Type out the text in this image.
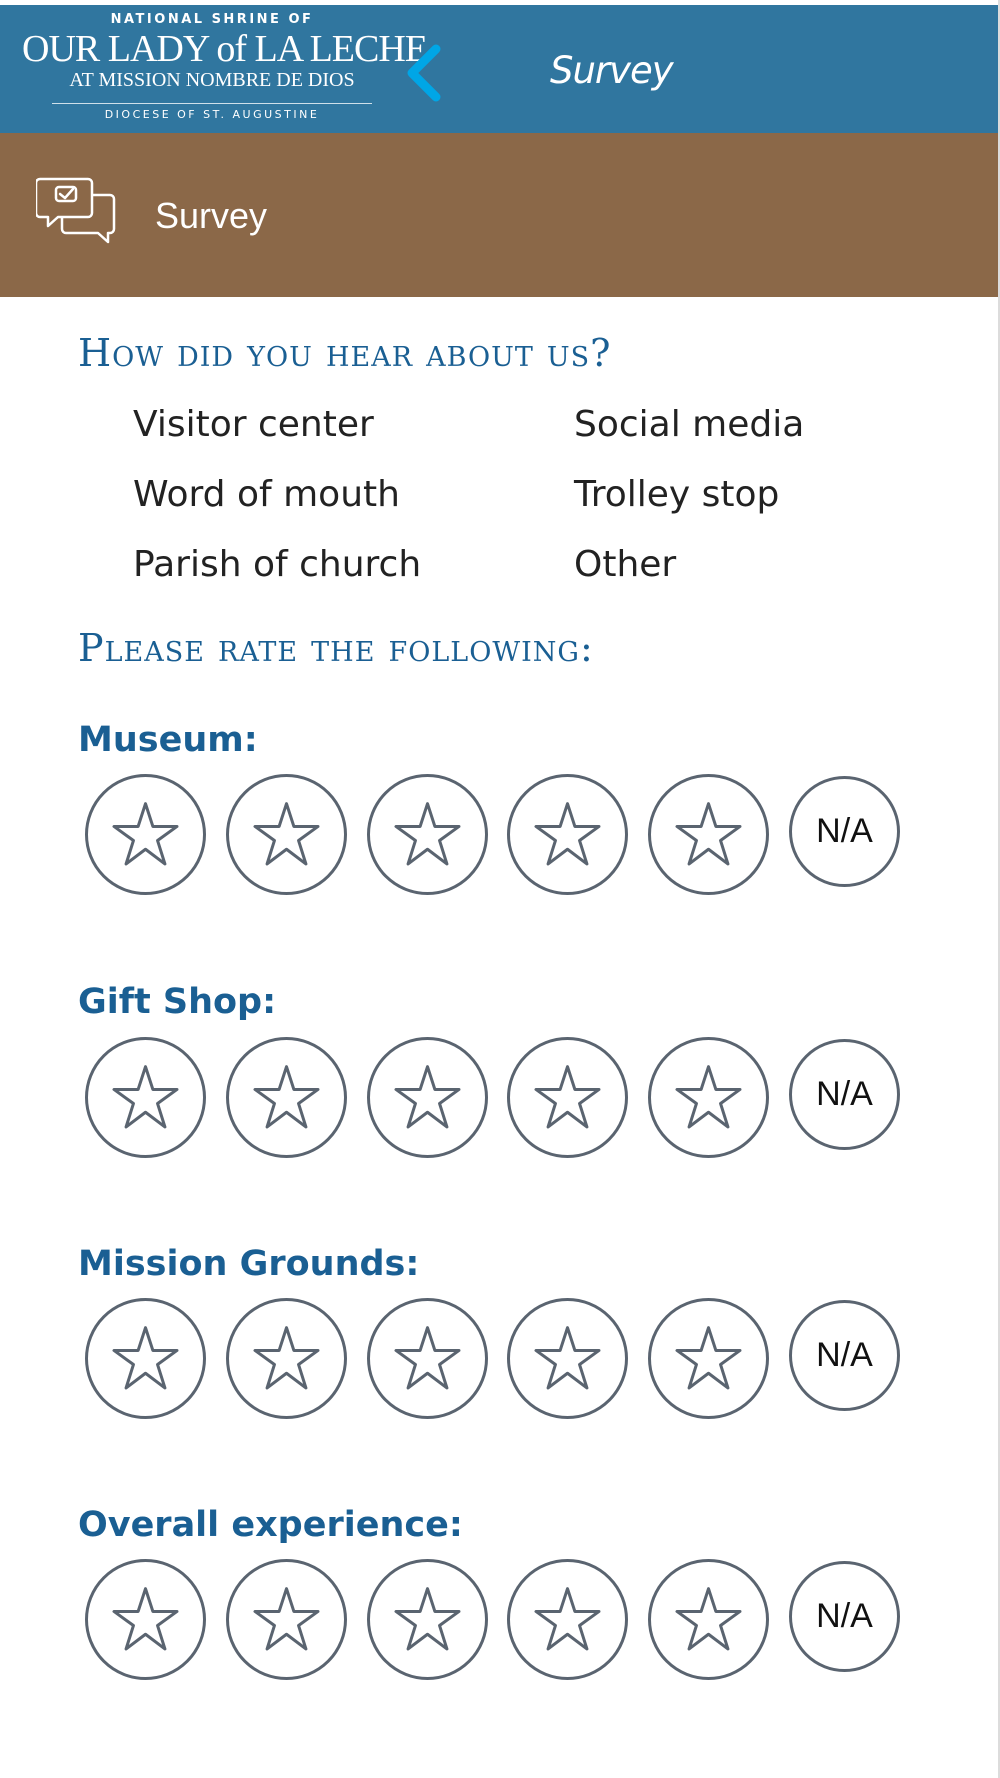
NATIONAL SHRINE OF
OUR LADY of LA LECHE
AT MISSION NOMBRE DE DIOS
DIOCESE OF ST. AUGUSTINE
Survey
Survey
How did you hear about us?
Visitor center	Social media
Word of mouth	Trolley stop
Parish of church	Other
Please rate the following:
Museum:
N/A
Gift Shop:
N/A
Mission Grounds:
N/A
Overall experience:
N/A
